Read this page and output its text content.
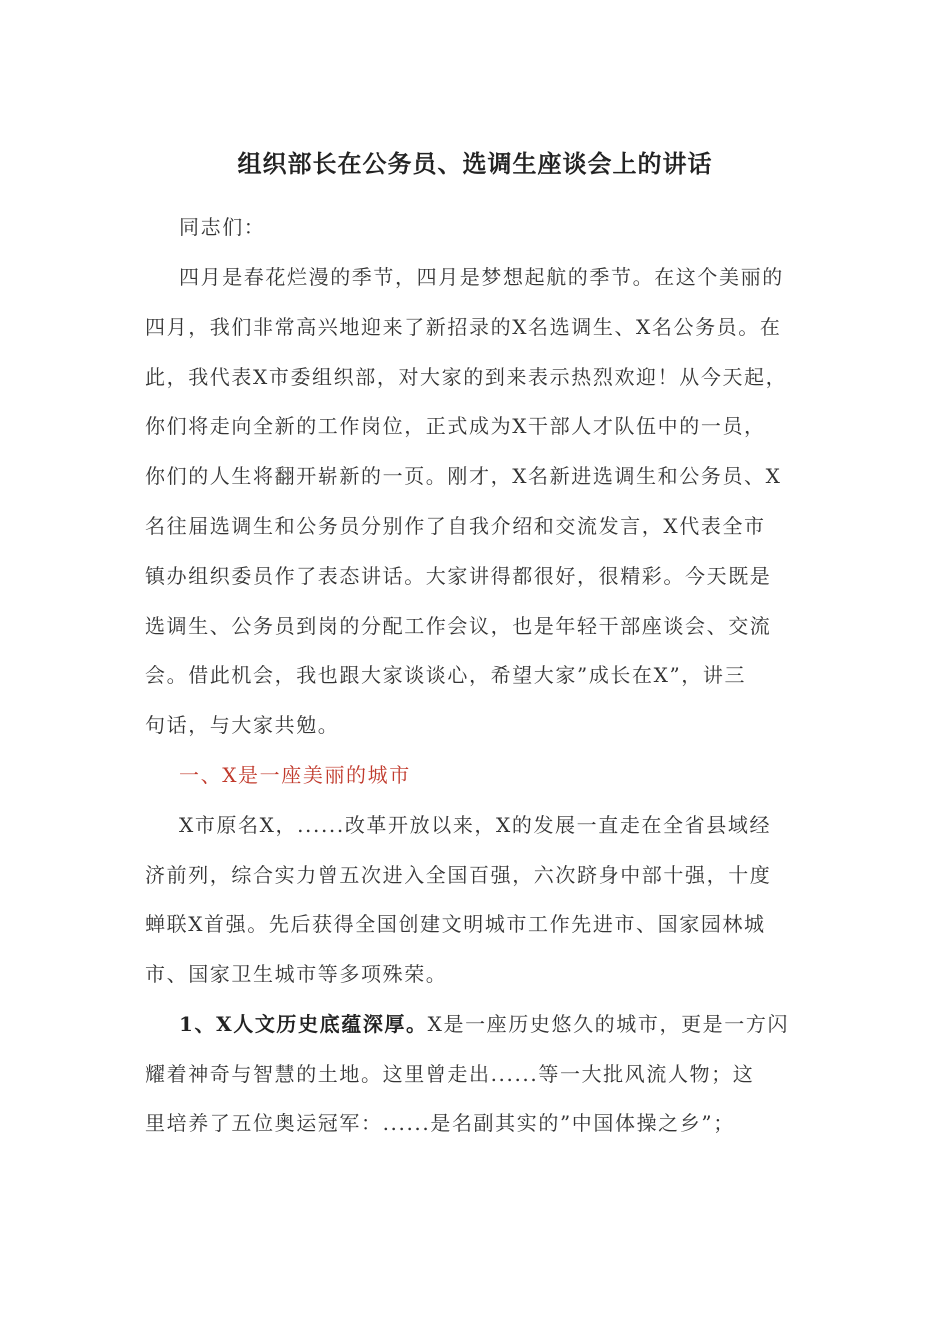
组织部长在公务员、选调生座谈会上的讲话
同志们：
四月是春花烂漫的季节，四月是梦想起航的季节。在这个美丽的
四月，我们非常高兴地迎来了新招录的X名选调生、X名公务员。在
此，我代表X市委组织部，对大家的到来表示热烈欢迎！从今天起，
你们将走向全新的工作岗位，正式成为X干部人才队伍中的一员，
你们的人生将翻开崭新的一页。刚才，X名新进选调生和公务员、X
名往届选调生和公务员分别作了自我介绍和交流发言，X代表全市
镇办组织委员作了表态讲话。大家讲得都很好，很精彩。今天既是
选调生、公务员到岗的分配工作会议，也是年轻干部座谈会、交流
会。借此机会，我也跟大家谈谈心，希望大家”成长在X”，讲三
句话，与大家共勉。
一、X是一座美丽的城市
X市原名X，......改革开放以来，X的发展一直走在全省县域经
济前列，综合实力曾五次进入全国百强，六次跻身中部十强，十度
蝉联X首强。先后获得全国创建文明城市工作先进市、国家园林城
市、国家卫生城市等多项殊荣。
1、X人文历史底蕴深厚。X是一座历史悠久的城市，更是一方闪
耀着神奇与智慧的土地。这里曾走出......等一大批风流人物；这
里培养了五位奥运冠军：......是名副其实的”中国体操之乡”；
